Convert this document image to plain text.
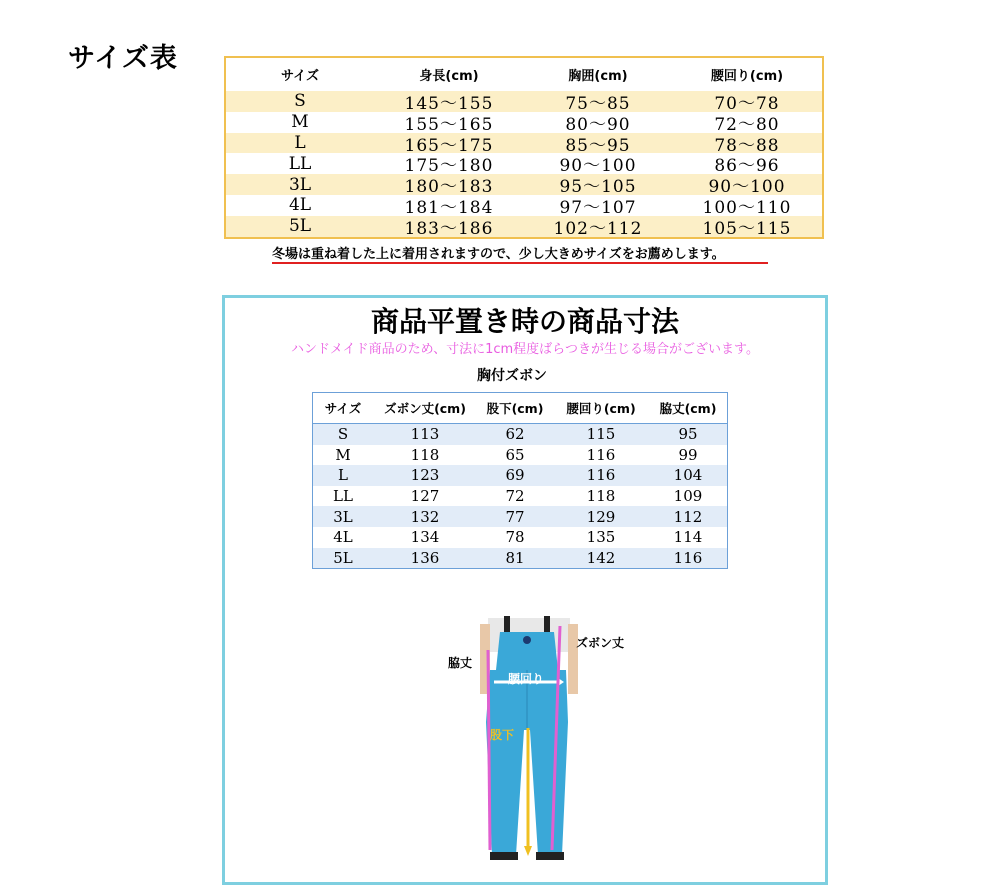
サイズ表
サイズ	身長(cm)	胸囲(cm)	腰回り(cm)
S	145〜155	75〜85	70〜78
M	155〜165	80〜90	72〜80
L	165〜175	85〜95	78〜88
LL	175〜180	90〜100	86〜96
3L	180〜183	95〜105	90〜100
4L	181〜184	97〜107	100〜110
5L	183〜186	102〜112	105〜115
冬場は重ね着した上に着用されますので、少し大きめサイズをお薦めします。
商品平置き時の商品寸法
ハンドメイド商品のため、寸法に1cm程度ばらつきが生じる場合がございます。
胸付ズボン
サイズ	ズボン丈(cm)	股下(cm)	腰回り(cm)	脇丈(cm)
S	113	62	115	95
M	118	65	116	99
L	123	69	116	104
LL	127	72	118	109
3L	132	77	129	112
4L	134	78	135	114
5L	136	81	142	116
脇丈
ズボン丈
腰回り
股下
